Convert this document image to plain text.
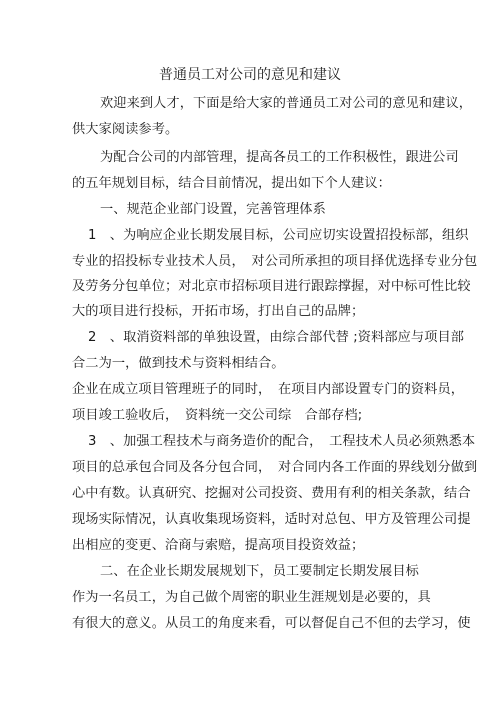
普通员工对公司的意见和建议
欢迎来到人才，下面是给大家的普通员工对公司的意见和建议，
供大家阅读参考。
为配合公司的内部管理，提高各员工的工作积极性，跟进公司
的五年规划目标，结合目前情况，提出如下个人建议：
一、规范企业部门设置，完善管理体系
1　、为响应企业长期发展目标，公司应切实设置招投标部，组织
专业的招投标专业技术人员，　对公司所承担的项目择优选择专业分包
及劳务分包单位；对北京市招标项目进行跟踪撑握，对中标可性比较
大的项目进行投标，开拓市场，打出自己的品牌；
2　、取消资料部的单独设置，由综合部代替 ;资料部应与项目部
合二为一，做到技术与资料相结合。
企业在成立项目管理班子的同时，　在项目内部设置专门的资料员，
项目竣工验收后，　资料统一交公司综　合部存档;
3　、加强工程技术与商务造价的配合，　工程技术人员必须熟悉本
项目的总承包合同及各分包合同，　对合同内各工作面的界线划分做到
心中有数。认真研究、挖掘对公司投资、费用有利的相关条款，结合
现场实际情况，认真收集现场资料，适时对总包、甲方及管理公司提
出相应的变更、洽商与索赔，提高项目投资效益；
二、在企业长期发展规划下，员工要制定长期发展目标
作为一名员工，为自己做个周密的职业生涯规划是必要的，具
有很大的意义。从员工的角度来看，可以督促自己不但的去学习，使
